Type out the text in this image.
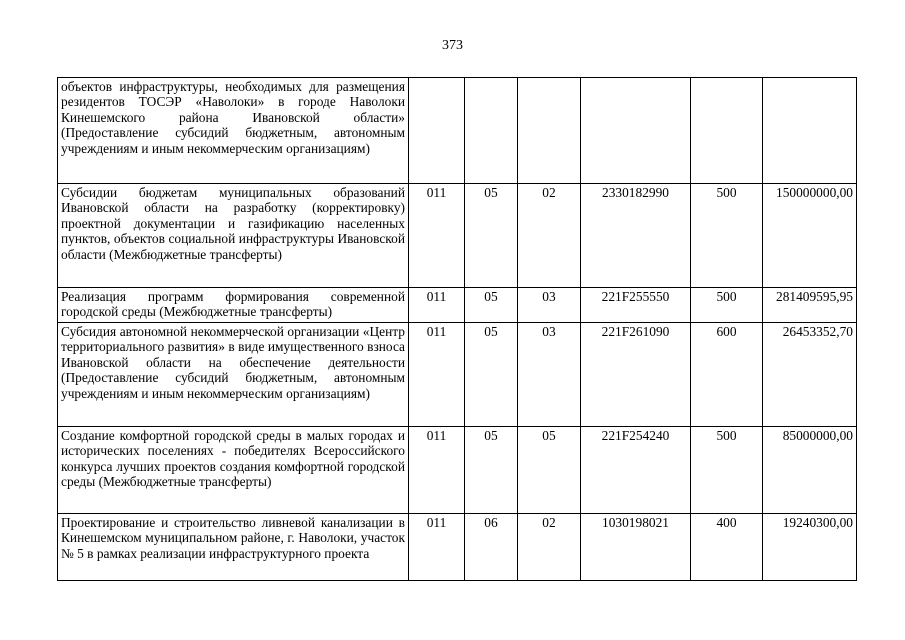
373
объектов инфраструктуры, необходимых для размещения резидентов ТОСЭР «Наволоки» в городе Наволоки Кинешемского района Ивановской области» (Предоставление субсидий бюджетным, автономным учреждениям и иным некоммерческим организациям)						
Субсидии бюджетам муниципальных образований Ивановской области на разработку (корректировку) проектной документации и газификацию населенных пунктов, объектов социальной инфраструктуры Ивановской области (Межбюджетные трансферты)	011	05	02	2330182990	500	150000000,00
Реализация программ формирования современной городской среды (Межбюджетные трансферты)	011	05	03	221F255550	500	281409595,95
Субсидия автономной некоммерческой организации «Центр территориального развития» в виде имущественного взноса Ивановской области на обеспечение деятельности (Предоставление субсидий бюджетным, автономным учреждениям и иным некоммерческим организациям)	011	05	03	221F261090	600	26453352,70
Создание комфортной городской среды в малых городах и исторических поселениях - победителях Всероссийского конкурса лучших проектов создания комфортной городской среды (Межбюджетные трансферты)	011	05	05	221F254240	500	85000000,00
Проектирование и строительство ливневой канализации в Кинешемском муниципальном районе, г. Наволоки, участок № 5 в рамках реализации инфраструктурного проекта	011	06	02	1030198021	400	19240300,00
